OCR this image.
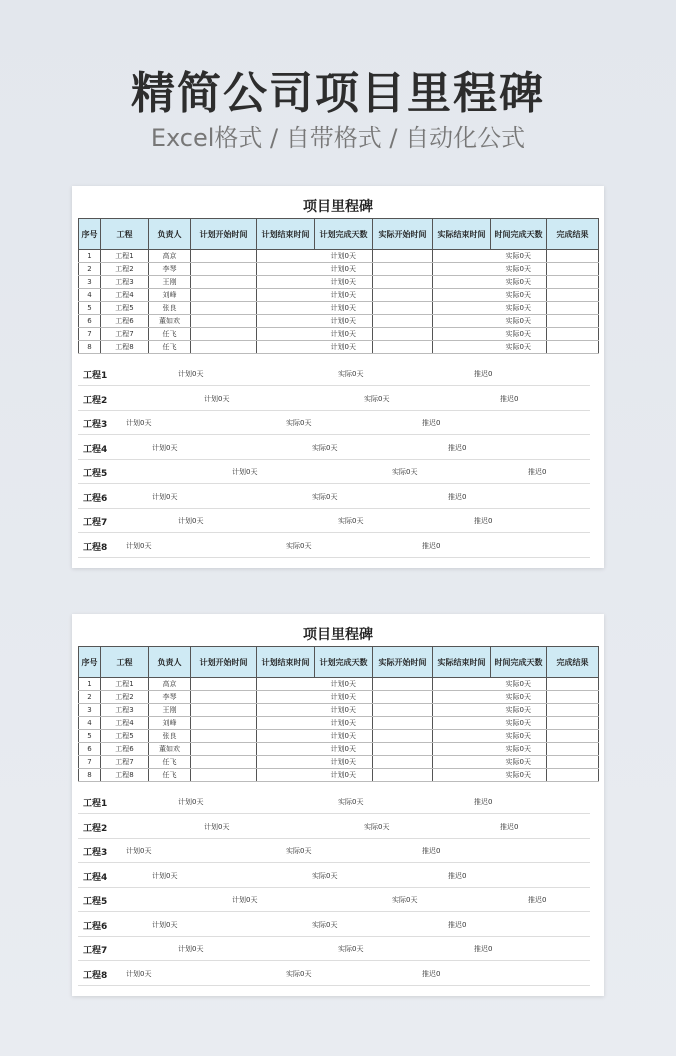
精简公司项目里程碑
Excel格式 / 自带格式 / 自动化公式
项目里程碑
序号	工程	负责人	计划开始时间	计划结束时间	计划完成天数	实际开始时间	实际结束时间	时间完成天数	完成结果
1	工程1	高京			计划0天			实际0天	
2	工程2	李琴			计划0天			实际0天	
3	工程3	王刚			计划0天			实际0天	
4	工程4	刘峰			计划0天			实际0天	
5	工程5	张良			计划0天			实际0天	
6	工程6	董如欢			计划0天			实际0天	
7	工程7	任飞			计划0天			实际0天	
8	工程8	任飞			计划0天			实际0天	
工程1	计划0天	实际0天	推迟0
工程2	计划0天	实际0天	推迟0
工程3	计划0天	实际0天	推迟0
工程4	计划0天	实际0天	推迟0
工程5	计划0天	实际0天	推迟0
工程6	计划0天	实际0天	推迟0
工程7	计划0天	实际0天	推迟0
工程8	计划0天	实际0天	推迟0
项目里程碑
序号	工程	负责人	计划开始时间	计划结束时间	计划完成天数	实际开始时间	实际结束时间	时间完成天数	完成结果
1	工程1	高京			计划0天			实际0天	
2	工程2	李琴			计划0天			实际0天	
3	工程3	王刚			计划0天			实际0天	
4	工程4	刘峰			计划0天			实际0天	
5	工程5	张良			计划0天			实际0天	
6	工程6	董如欢			计划0天			实际0天	
7	工程7	任飞			计划0天			实际0天	
8	工程8	任飞			计划0天			实际0天	
工程1	计划0天	实际0天	推迟0
工程2	计划0天	实际0天	推迟0
工程3	计划0天	实际0天	推迟0
工程4	计划0天	实际0天	推迟0
工程5	计划0天	实际0天	推迟0
工程6	计划0天	实际0天	推迟0
工程7	计划0天	实际0天	推迟0
工程8	计划0天	实际0天	推迟0
